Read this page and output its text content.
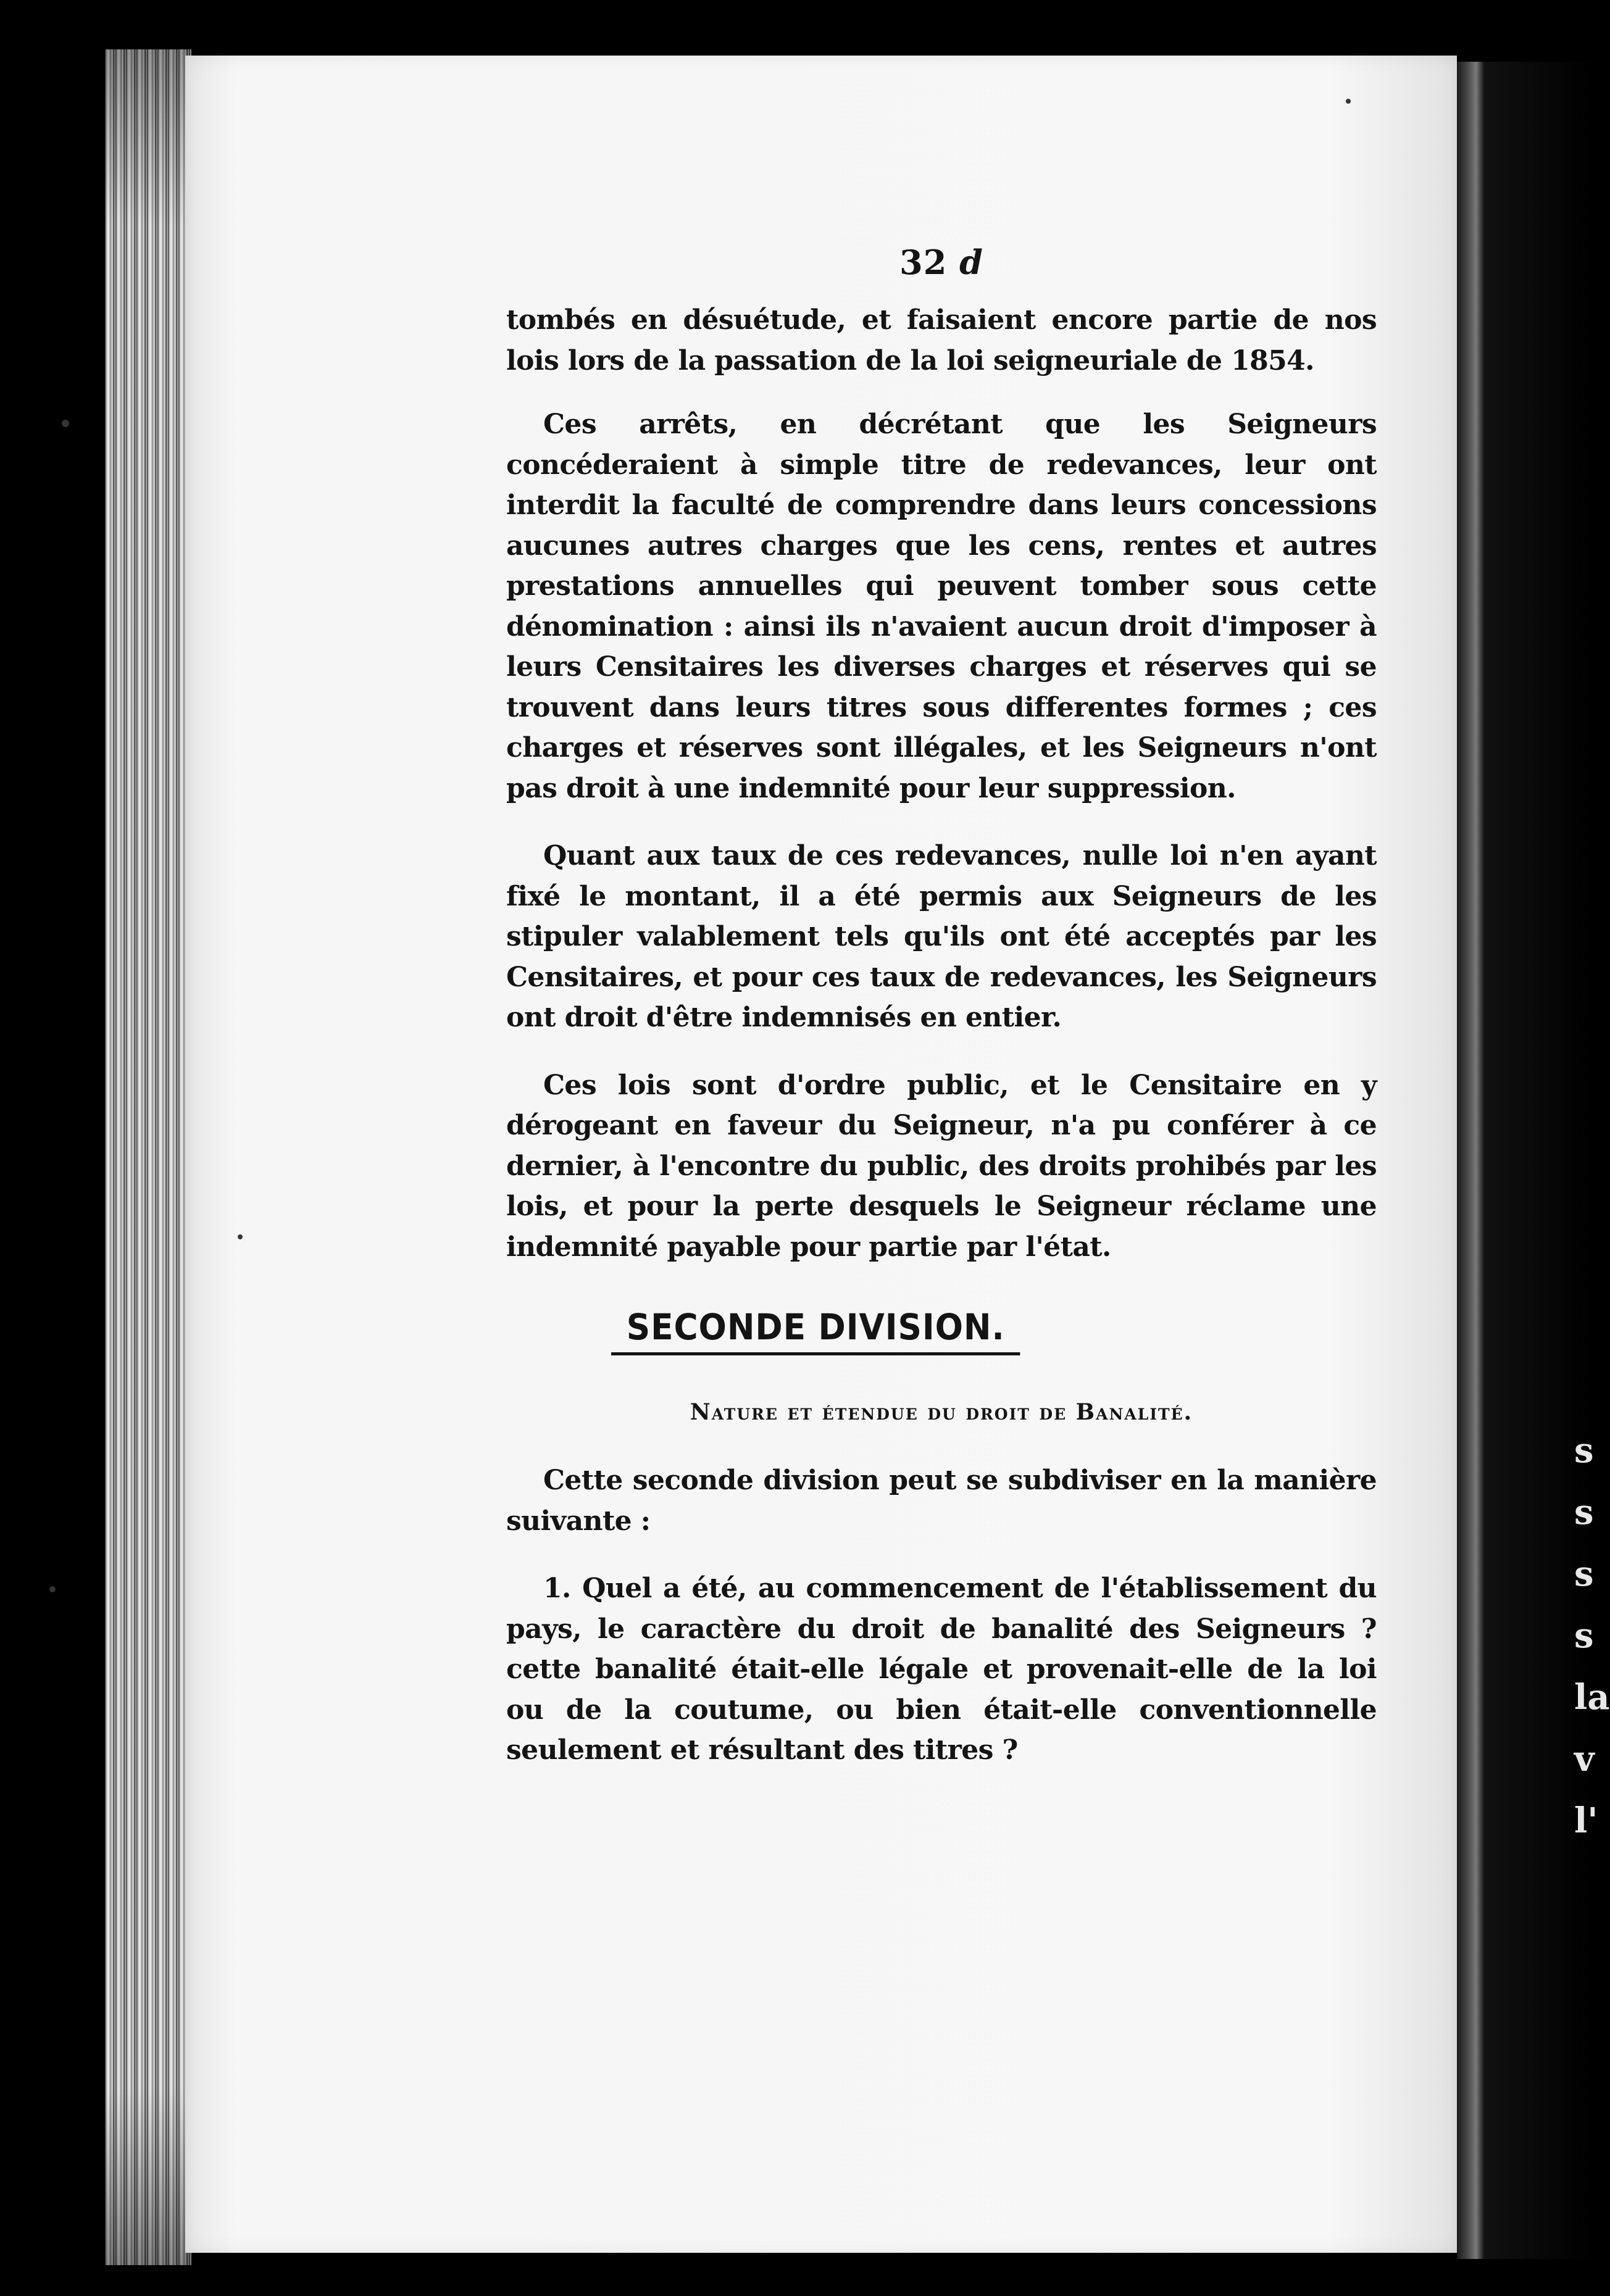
s
s
s
s
la
v
l'
32 d

tombés en désuétude, et faisaient encore partie de nos lois lors de la passation de la loi seigneuriale de 1854.

Ces arrêts, en décrétant que les Seigneurs concéderaient à simple titre de redevances, leur ont interdit la faculté de comprendre dans leurs concessions aucunes autres charges que les cens, rentes et autres prestations annuelles qui peuvent tomber sous cette dénomination : ainsi ils n'avaient aucun droit d'imposer à leurs Censitaires les diverses charges et réserves qui se trouvent dans leurs titres sous differentes formes ; ces charges et réserves sont illégales, et les Seigneurs n'ont pas droit à une indemnité pour leur suppression.

Quant aux taux de ces redevances, nulle loi n'en ayant fixé le montant, il a été permis aux Seigneurs de les stipuler valablement tels qu'ils ont été acceptés par les Censitaires, et pour ces taux de redevances, les Seigneurs ont droit d'être indemnisés en entier.

Ces lois sont d'ordre public, et le Censitaire en y dérogeant en faveur du Seigneur, n'a pu conférer à ce dernier, à l'encontre du public, des droits prohibés par les lois, et pour la perte desquels le Seigneur réclame une indemnité payable pour partie par l'état.

SECONDE DIVISION.
Nature et étendue du droit de Banalité.

Cette seconde division peut se subdiviser en la manière suivante :

1. Quel a été, au commencement de l'établissement du pays, le caractère du droit de banalité des Seigneurs ? cette banalité était-elle légale et provenait-elle de la loi ou de la coutume, ou bien était-elle conventionnelle seulement et résultant des titres ?
